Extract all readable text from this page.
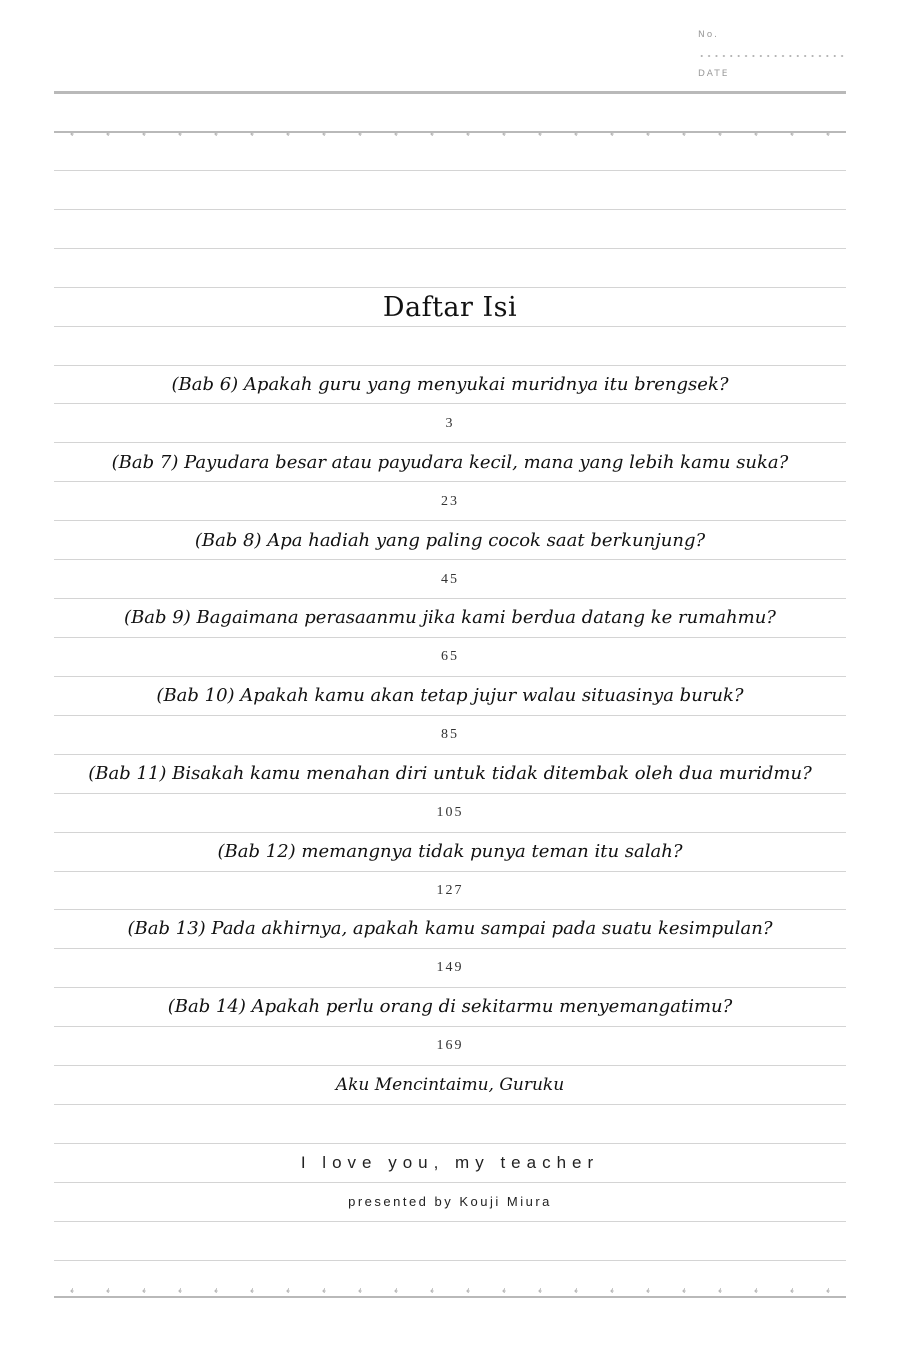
No.
DATE
Daftar Isi
(Bab 6) Apakah guru yang menyukai muridnya itu brengsek?
3
(Bab 7) Payudara besar atau payudara kecil, mana yang lebih kamu suka?
23
(Bab 8) Apa hadiah yang paling cocok saat berkunjung?
45
(Bab 9) Bagaimana perasaanmu jika kami berdua datang ke rumahmu?
65
(Bab 10) Apakah kamu akan tetap jujur walau situasinya buruk?
85
(Bab 11) Bisakah kamu menahan diri untuk tidak ditembak oleh dua muridmu?
105
(Bab 12) memangnya tidak punya teman itu salah?
127
(Bab 13) Pada akhirnya, apakah kamu sampai pada suatu kesimpulan?
149
(Bab 14) Apakah perlu orang di sekitarmu menyemangatimu?
169
Aku Mencintaimu, Guruku
I love you, my teacher
presented by Kouji Miura
